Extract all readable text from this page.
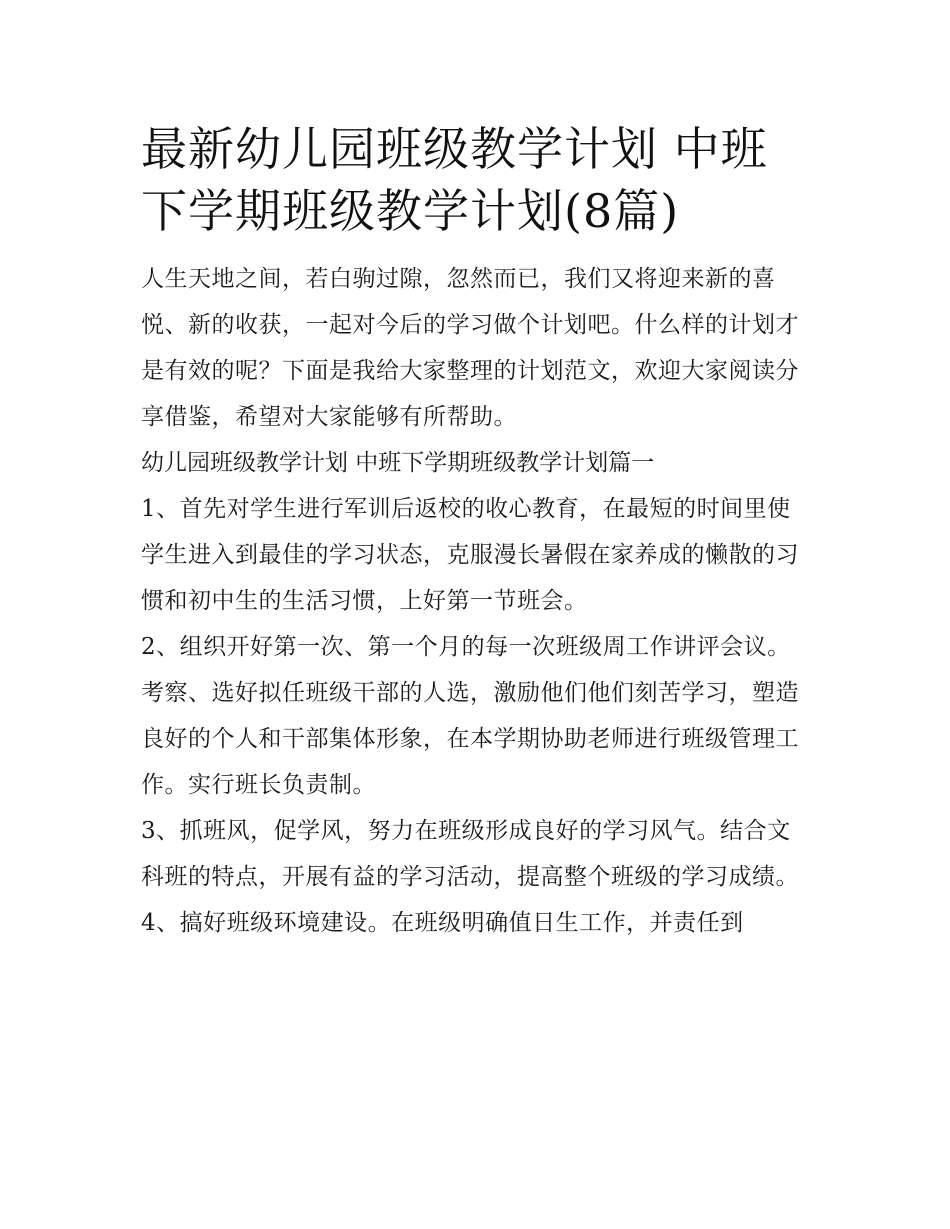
最新幼儿园班级教学计划 中班下学期班级教学计划(8篇)

人生天地之间，若白驹过隙，忽然而已，我们又将迎来新的喜悦、新的收获，一起对今后的学习做个计划吧。什么样的计划才是有效的呢？下面是我给大家整理的计划范文，欢迎大家阅读分享借鉴，希望对大家能够有所帮助。

幼儿园班级教学计划 中班下学期班级教学计划篇一

1、首先对学生进行军训后返校的收心教育，在最短的时间里使学生进入到最佳的学习状态，克服漫长暑假在家养成的懒散的习惯和初中生的生活习惯，上好第一节班会。

2、组织开好第一次、第一个月的每一次班级周工作讲评会议。考察、选好拟任班级干部的人选，激励他们他们刻苦学习，塑造良好的个人和干部集体形象，在本学期协助老师进行班级管理工作。实行班长负责制。

3、抓班风，促学风，努力在班级形成良好的学习风气。结合文科班的特点，开展有益的学习活动，提高整个班级的学习成绩。

4、搞好班级环境建设。在班级明确值日生工作，并责任到
